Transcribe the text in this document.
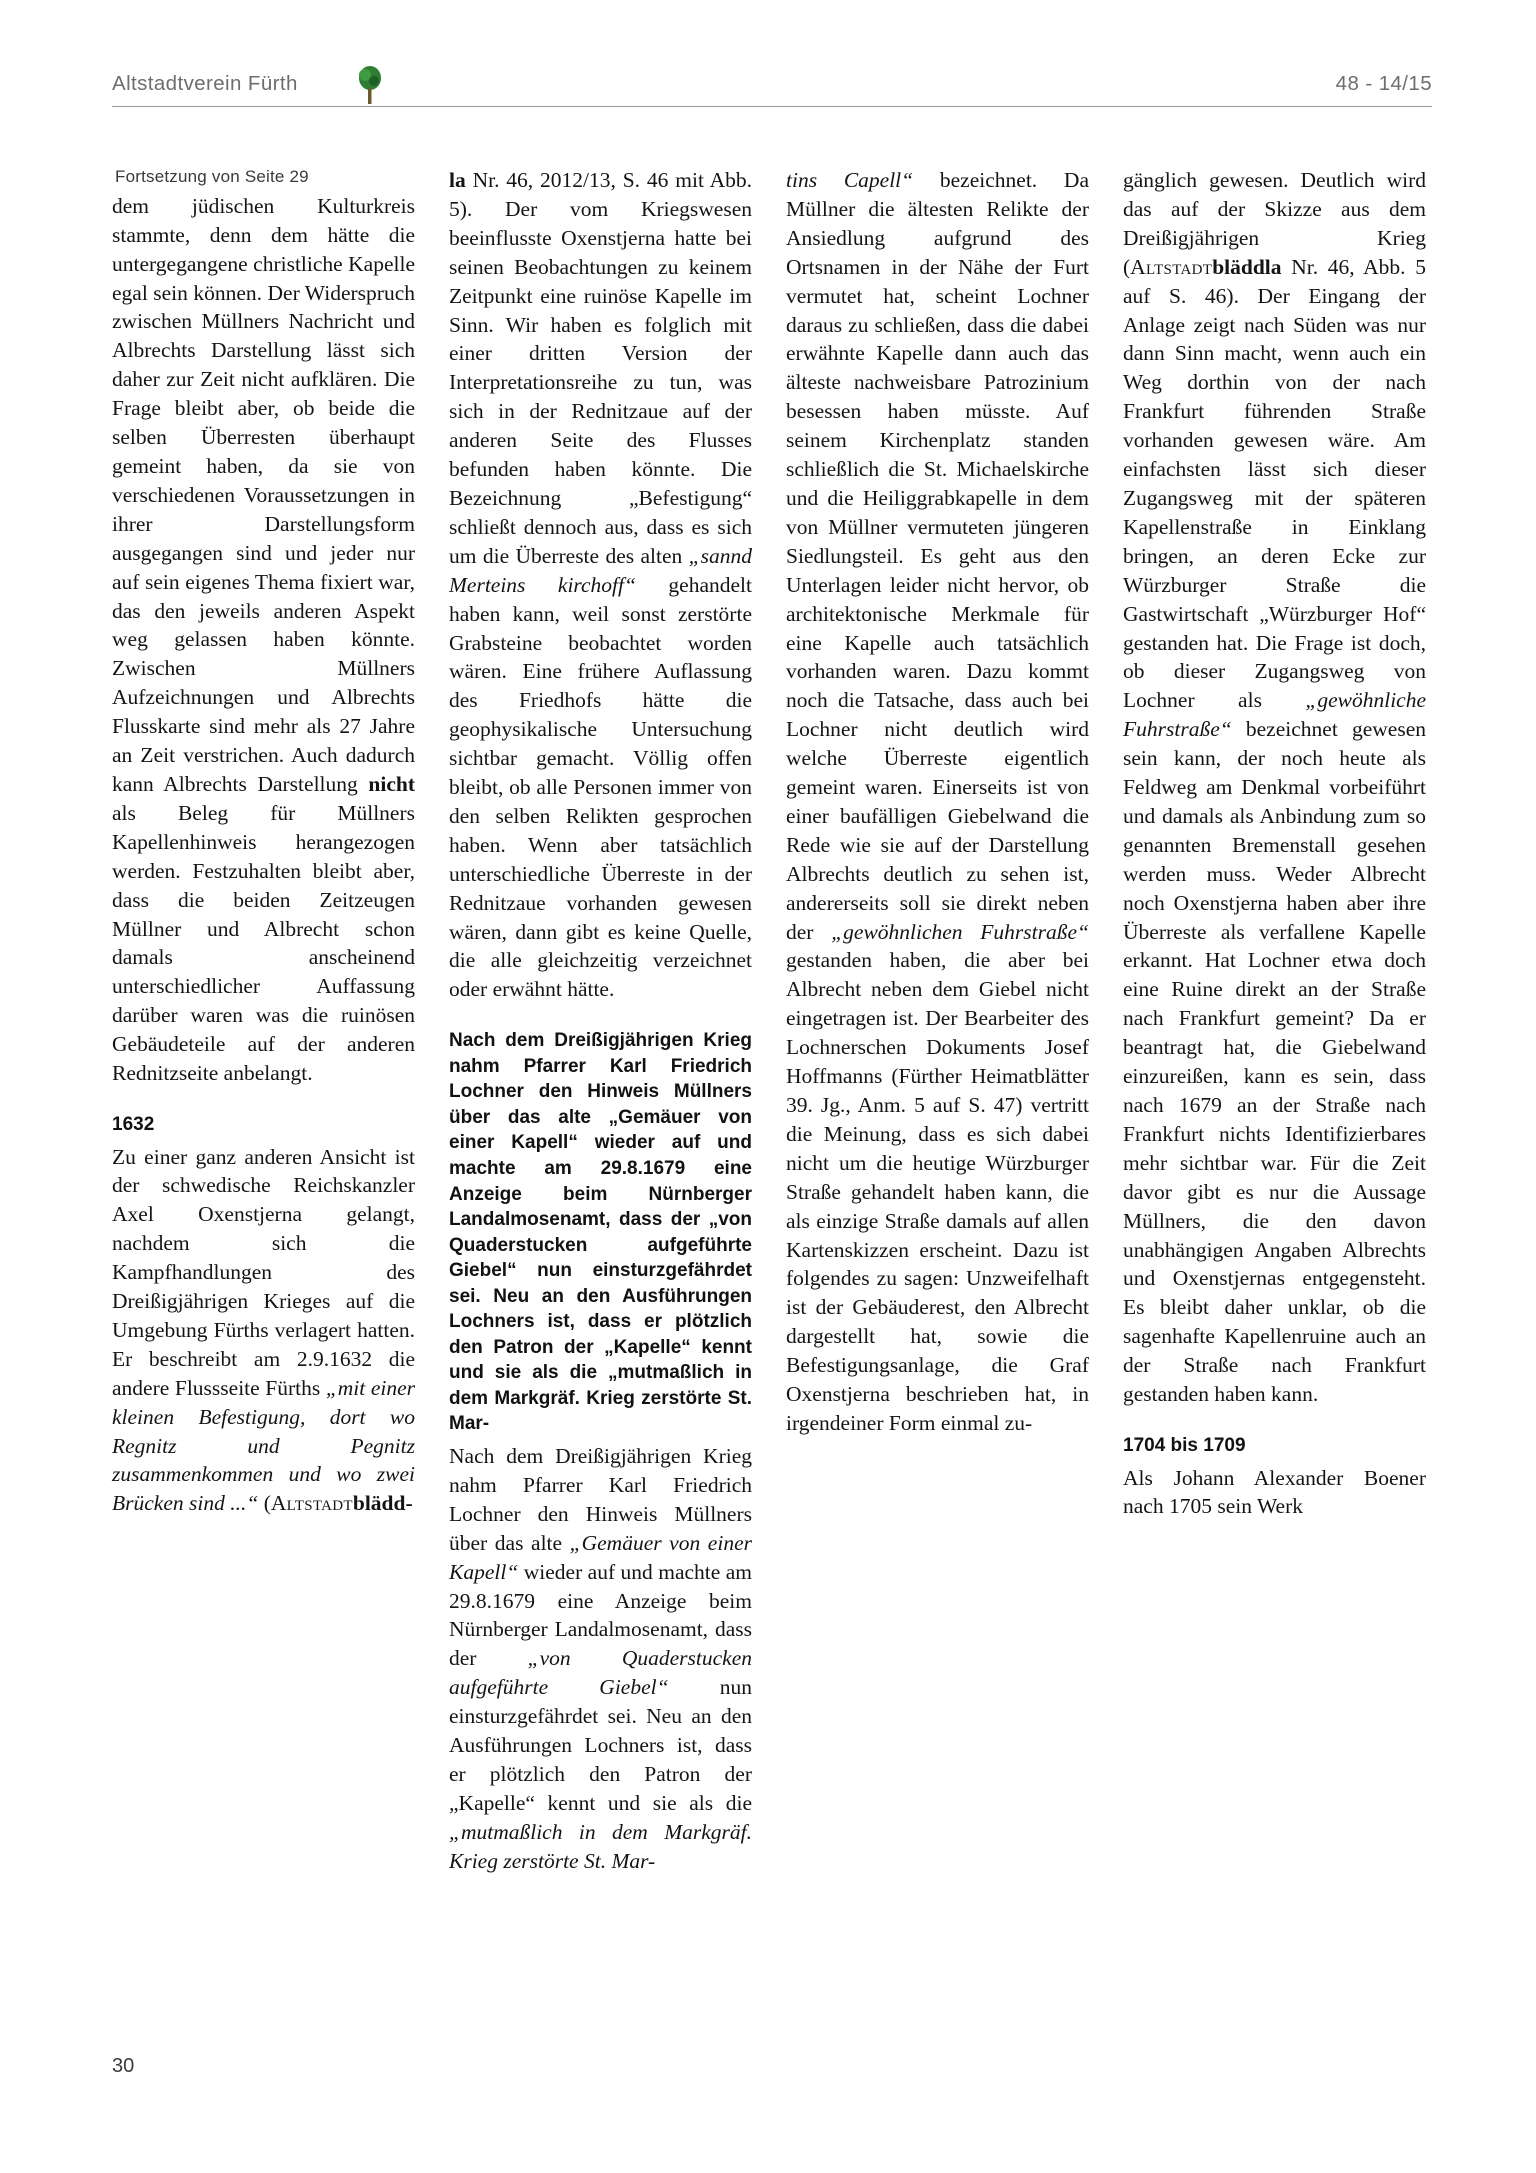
Altstadtverein Fürth	48 - 14/15

Fortsetzung von Seite 29

dem jüdischen Kulturkreis stammte, denn dem hätte die untergegangene christliche Kapelle egal sein können. Der Widerspruch zwischen Müllners Nachricht und Albrechts Darstellung lässt sich daher zur Zeit nicht aufklären. Die Frage bleibt aber, ob beide die selben Überresten überhaupt gemeint haben, da sie von verschiedenen Voraussetzungen in ihrer Darstellungsform ausgegangen sind und jeder nur auf sein eigenes Thema fixiert war, das den jeweils anderen Aspekt weg gelassen haben könnte. Zwischen Müllners Aufzeichnungen und Albrechts Flusskarte sind mehr als 27 Jahre an Zeit verstrichen. Auch dadurch kann Albrechts Darstellung nicht als Beleg für Müllners Kapellenhinweis herangezogen werden. Festzuhalten bleibt aber, dass die beiden Zeitzeugen Müllner und Albrecht schon damals anscheinend unterschiedlicher Auffassung darüber waren was die ruinösen Gebäudeteile auf der anderen Rednitzseite anbelangt.

1632

Zu einer ganz anderen Ansicht ist der schwedische Reichskanzler Axel Oxenstjerna gelangt, nachdem sich die Kampfhandlungen des Dreißigjährigen Krieges auf die Umgebung Fürths verlagert hatten. Er beschreibt am 2.9.1632 die andere Flussseite Fürths „mit einer kleinen Befestigung, dort wo Regnitz und Pegnitz zusammenkommen und wo zwei Brücken sind ...“ (Altstadtblädd-

la Nr. 46, 2012/13, S. 46 mit Abb. 5). Der vom Kriegswesen beeinflusste Oxenstjerna hatte bei seinen Beobachtungen zu keinem Zeitpunkt eine ruinöse Kapelle im Sinn. Wir haben es folglich mit einer dritten Version der Interpretationsreihe zu tun, was sich in der Rednitzaue auf der anderen Seite des Flusses befunden haben könnte. Die Bezeichnung „Befestigung“ schließt dennoch aus, dass es sich um die Überreste des alten „sannd Merteins kirchoff“ gehandelt haben kann, weil sonst zerstörte Grabsteine beobachtet worden wären. Eine frühere Auflassung des Friedhofs hätte die geophysikalische Untersuchung sichtbar gemacht. Völlig offen bleibt, ob alle Personen immer von den selben Relikten gesprochen haben. Wenn aber tatsächlich unterschiedliche Überreste in der Rednitzaue vorhanden gewesen wären, dann gibt es keine Quelle, die alle gleichzeitig verzeichnet oder erwähnt hätte.

Nach dem Dreißigjährigen Krieg nahm Pfarrer Karl Friedrich Lochner den Hinweis Müllners über das alte „Gemäuer von einer Kapell“ wieder auf und machte am 29.8.1679 eine Anzeige beim Nürnberger Landalmosenamt, dass der „von Quaderstucken aufgeführte Giebel“ nun einsturzgefährdet sei. Neu an den Ausführungen Lochners ist, dass er plötzlich den Patron der „Kapelle“ kennt und sie als die „mutmaßlich in dem Markgräf. Krieg zerstörte St. Mar-

Nach dem Dreißigjährigen Krieg nahm Pfarrer Karl Friedrich Lochner den Hinweis Müllners über das alte „Gemäuer von einer Kapell“ wieder auf und machte am 29.8.1679 eine Anzeige beim Nürnberger Landalmosenamt, dass der „von Quaderstucken aufgeführte Giebel“ nun einsturzgefährdet sei. Neu an den Ausführungen Lochners ist, dass er plötzlich den Patron der „Kapelle“ kennt und sie als die „mutmaßlich in dem Markgräf. Krieg zerstörte St. Mar-

tins Capell“ bezeichnet. Da Müllner die ältesten Relikte der Ansiedlung aufgrund des Ortsnamen in der Nähe der Furt vermutet hat, scheint Lochner daraus zu schließen, dass die dabei erwähnte Kapelle dann auch das älteste nachweisbare Patrozinium besessen haben müsste. Auf seinem Kirchenplatz standen schließlich die St. Michaelskirche und die Heiliggrabkapelle in dem von Müllner vermuteten jüngeren Siedlungsteil. Es geht aus den Unterlagen leider nicht hervor, ob architektonische Merkmale für eine Kapelle auch tatsächlich vorhanden waren. Dazu kommt noch die Tatsache, dass auch bei Lochner nicht deutlich wird welche Überreste eigentlich gemeint waren. Einerseits ist von einer baufälligen Giebelwand die Rede wie sie auf der Darstellung Albrechts deutlich zu sehen ist, andererseits soll sie direkt neben der „gewöhnlichen Fuhrstraße“ gestanden haben, die aber bei Albrecht neben dem Giebel nicht eingetragen ist. Der Bearbeiter des Lochnerschen Dokuments Josef Hoffmanns (Fürther Heimatblätter 39. Jg., Anm. 5 auf S. 47) vertritt die Meinung, dass es sich dabei nicht um die heutige Würzburger Straße gehandelt haben kann, die als einzige Straße damals auf allen Kartenskizzen erscheint. Dazu ist folgendes zu sagen: Unzweifelhaft ist der Gebäuderest, den Albrecht dargestellt hat, sowie die Befestigungsanlage, die Graf Oxenstjerna beschrieben hat, in irgendeiner Form einmal zu-

gänglich gewesen. Deutlich wird das auf der Skizze aus dem Dreißigjährigen Krieg (Altstadtbläddla Nr. 46, Abb. 5 auf S. 46). Der Eingang der Anlage zeigt nach Süden was nur dann Sinn macht, wenn auch ein Weg dorthin von der nach Frankfurt führenden Straße vorhanden gewesen wäre. Am einfachsten lässt sich dieser Zugangsweg mit der späteren Kapellenstraße in Einklang bringen, an deren Ecke zur Würzburger Straße die Gastwirtschaft „Würzburger Hof“ gestanden hat. Die Frage ist doch, ob dieser Zugangsweg von Lochner als „gewöhnliche Fuhrstraße“ bezeichnet gewesen sein kann, der noch heute als Feldweg am Denkmal vorbeiführt und damals als Anbindung zum so genannten Bremenstall gesehen werden muss. Weder Albrecht noch Oxenstjerna haben aber ihre Überreste als verfallene Kapelle erkannt. Hat Lochner etwa doch eine Ruine direkt an der Straße nach Frankfurt gemeint? Da er beantragt hat, die Giebelwand einzureißen, kann es sein, dass nach 1679 an der Straße nach Frankfurt nichts Identifizierbares mehr sichtbar war. Für die Zeit davor gibt es nur die Aussage Müllners, die den davon unabhängigen Angaben Albrechts und Oxenstjernas entgegensteht. Es bleibt daher unklar, ob die sagenhafte Kapellenruine auch an der Straße nach Frankfurt gestanden haben kann.

1704 bis 1709

Als Johann Alexander Boener nach 1705 sein Werk

30
